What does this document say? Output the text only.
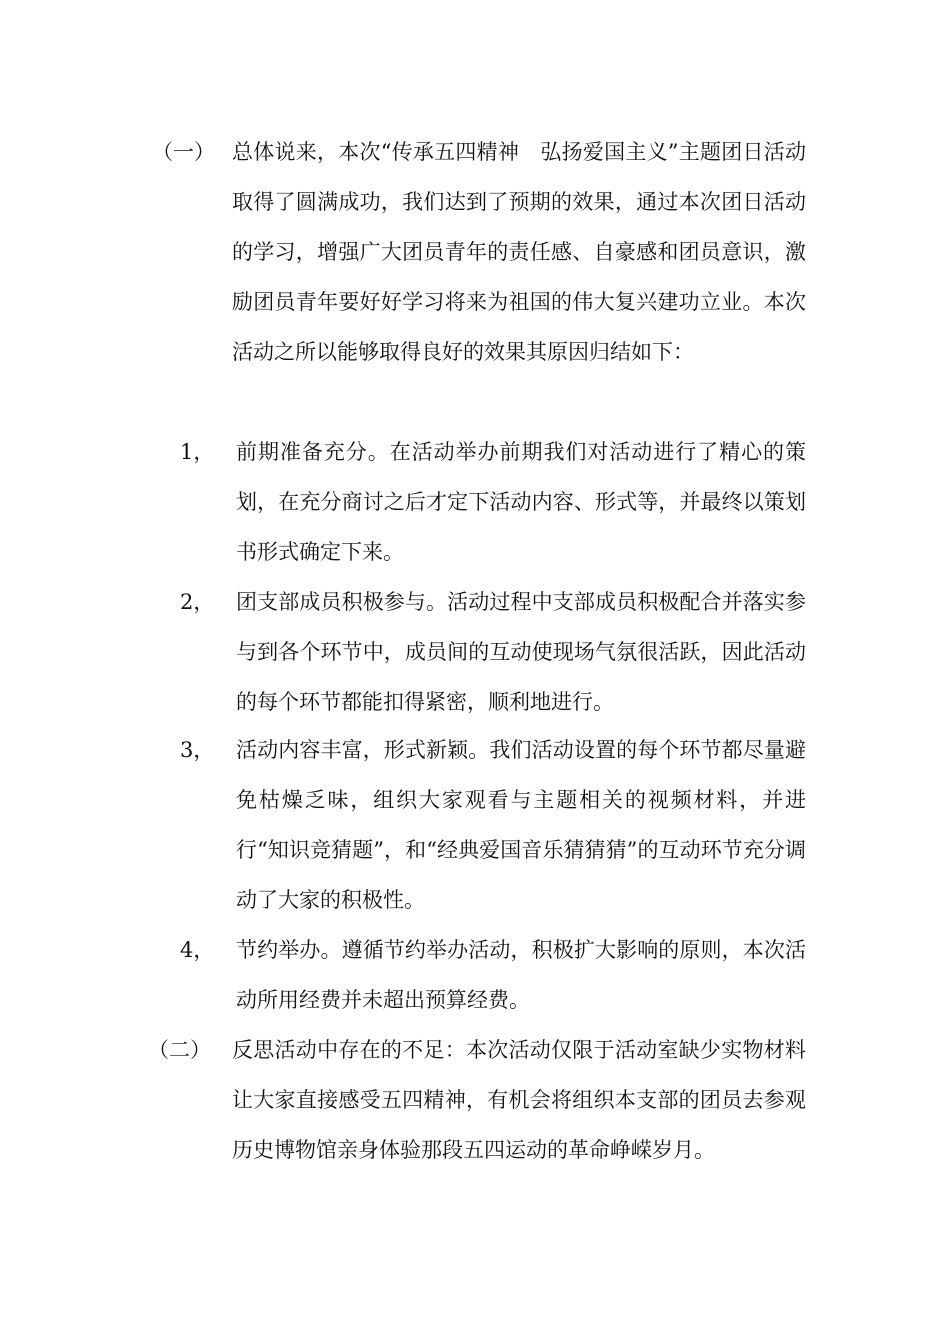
（一） 总体说来，本次“传承五四精神　弘扬爱国主义”主题团日活动取得了圆满成功，我们达到了预期的效果，通过本次团日活动的学习，增强广大团员青年的责任感、自豪感和团员意识，激励团员青年要好好学习将来为祖国的伟大复兴建功立业。本次活动之所以能够取得良好的效果其原因归结如下：
1， 前期准备充分。在活动举办前期我们对活动进行了精心的策划，在充分商讨之后才定下活动内容、形式等，并最终以策划书形式确定下来。
2， 团支部成员积极参与。活动过程中支部成员积极配合并落实参与到各个环节中，成员间的互动使现场气氛很活跃，因此活动的每个环节都能扣得紧密，顺利地进行。
3， 活动内容丰富，形式新颖。我们活动设置的每个环节都尽量避免枯燥乏味，组织大家观看与主题相关的视频材料，并进行“知识竞猜题”，和“经典爱国音乐猜猜猜”的互动环节充分调动了大家的积极性。
4， 节约举办。遵循节约举办活动，积极扩大影响的原则，本次活动所用经费并未超出预算经费。
（二） 反思活动中存在的不足：本次活动仅限于活动室缺少实物材料让大家直接感受五四精神，有机会将组织本支部的团员去参观历史博物馆亲身体验那段五四运动的革命峥嵘岁月。
